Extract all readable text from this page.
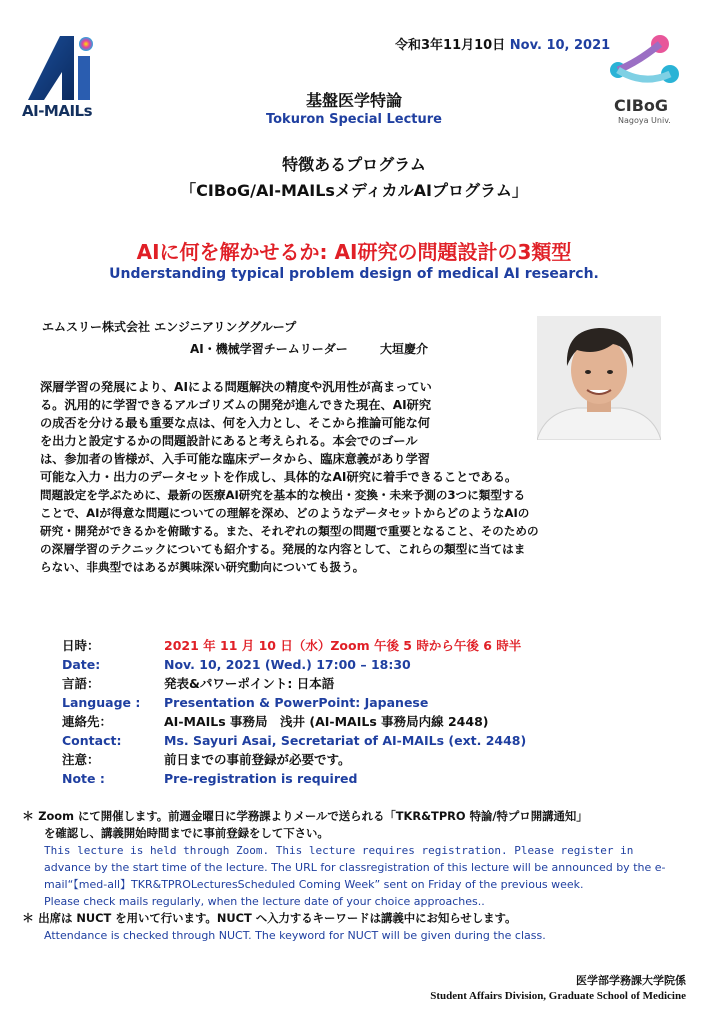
AI-MAILs	CIBoG
Nagoya Univ.
令和3年11月10日 Nov. 10, 2021
基盤医学特論
Tokuron Special Lecture
特徴あるプログラム
「CIBoG/AI-MAILsメディカルAIプログラム」
AIに何を解かせるか: AI研究の問題設計の3類型
Understanding typical problem design of medical AI research.
エムスリー株式会社 エンジニアリンググループ
AI・機械学習チームリーダー	大垣慶介
深層学習の発展により、AIによる問題解決の精度や汎用性が高まってい
る。汎用的に学習できるアルゴリズムの開発が進んできた現在、AI研究
の成否を分ける最も重要な点は、何を入力とし、そこから推論可能な何
を出力と設定するかの問題設計にあると考えられる。本会でのゴール
は、参加者の皆様が、入手可能な臨床データから、臨床意義があり学習
可能な入力・出力のデータセットを作成し、具体的なAI研究に着手できることである。
問題設定を学ぶために、最新の医療AI研究を基本的な検出・変換・未来予測の3つに類型する
ことで、AIが得意な問題についての理解を深め、どのようなデータセットからどのようなAIの
研究・開発ができるかを俯瞰する。また、それぞれの類型の問題で重要となること、そのための
の深層学習のテクニックについても紹介する。発展的な内容として、これらの類型に当てはま
らない、非典型ではあるが興味深い研究動向についても扱う。
日時：	2021 年 11 月 10 日（水）Zoom 午後 5 時から午後 6 時半
Date:	Nov. 10, 2021 (Wed.) 17:00 – 18:30
言語：	発表&パワーポイント: 日本語
Language :	Presentation & PowerPoint: Japanese
連絡先：	AI-MAILs 事務局　浅井 (AI-MAILs 事務局内線 2448)
Contact:	Ms. Sayuri Asai, Secretariat of AI-MAILs (ext. 2448)
注意：	前日までの事前登録が必要です。
Note :	Pre-registration is required
＊ Zoom にて開催します。前週金曜日に学務課よりメールで送られる「TKR&TPRO 特論/特プロ開講通知」
を確認し、講義開始時間までに事前登録をして下さい。
This lecture is held through Zoom. This lecture requires registration. Please register in
advance by the start time of the lecture. The URL for classregistration of this lecture will be announced by the e-mail“【med-all】TKR&TPROLecturesScheduled Coming Week” sent on Friday of the previous week.
Please check mails regularly, when the lecture date of your choice approaches..
＊ 出席は NUCT を用いて行います。NUCT へ入力するキーワードは講義中にお知らせします。
Attendance is checked through NUCT. The keyword for NUCT will be given during the class.
医学部学務課大学院係
Student Affairs Division, Graduate School of Medicine
